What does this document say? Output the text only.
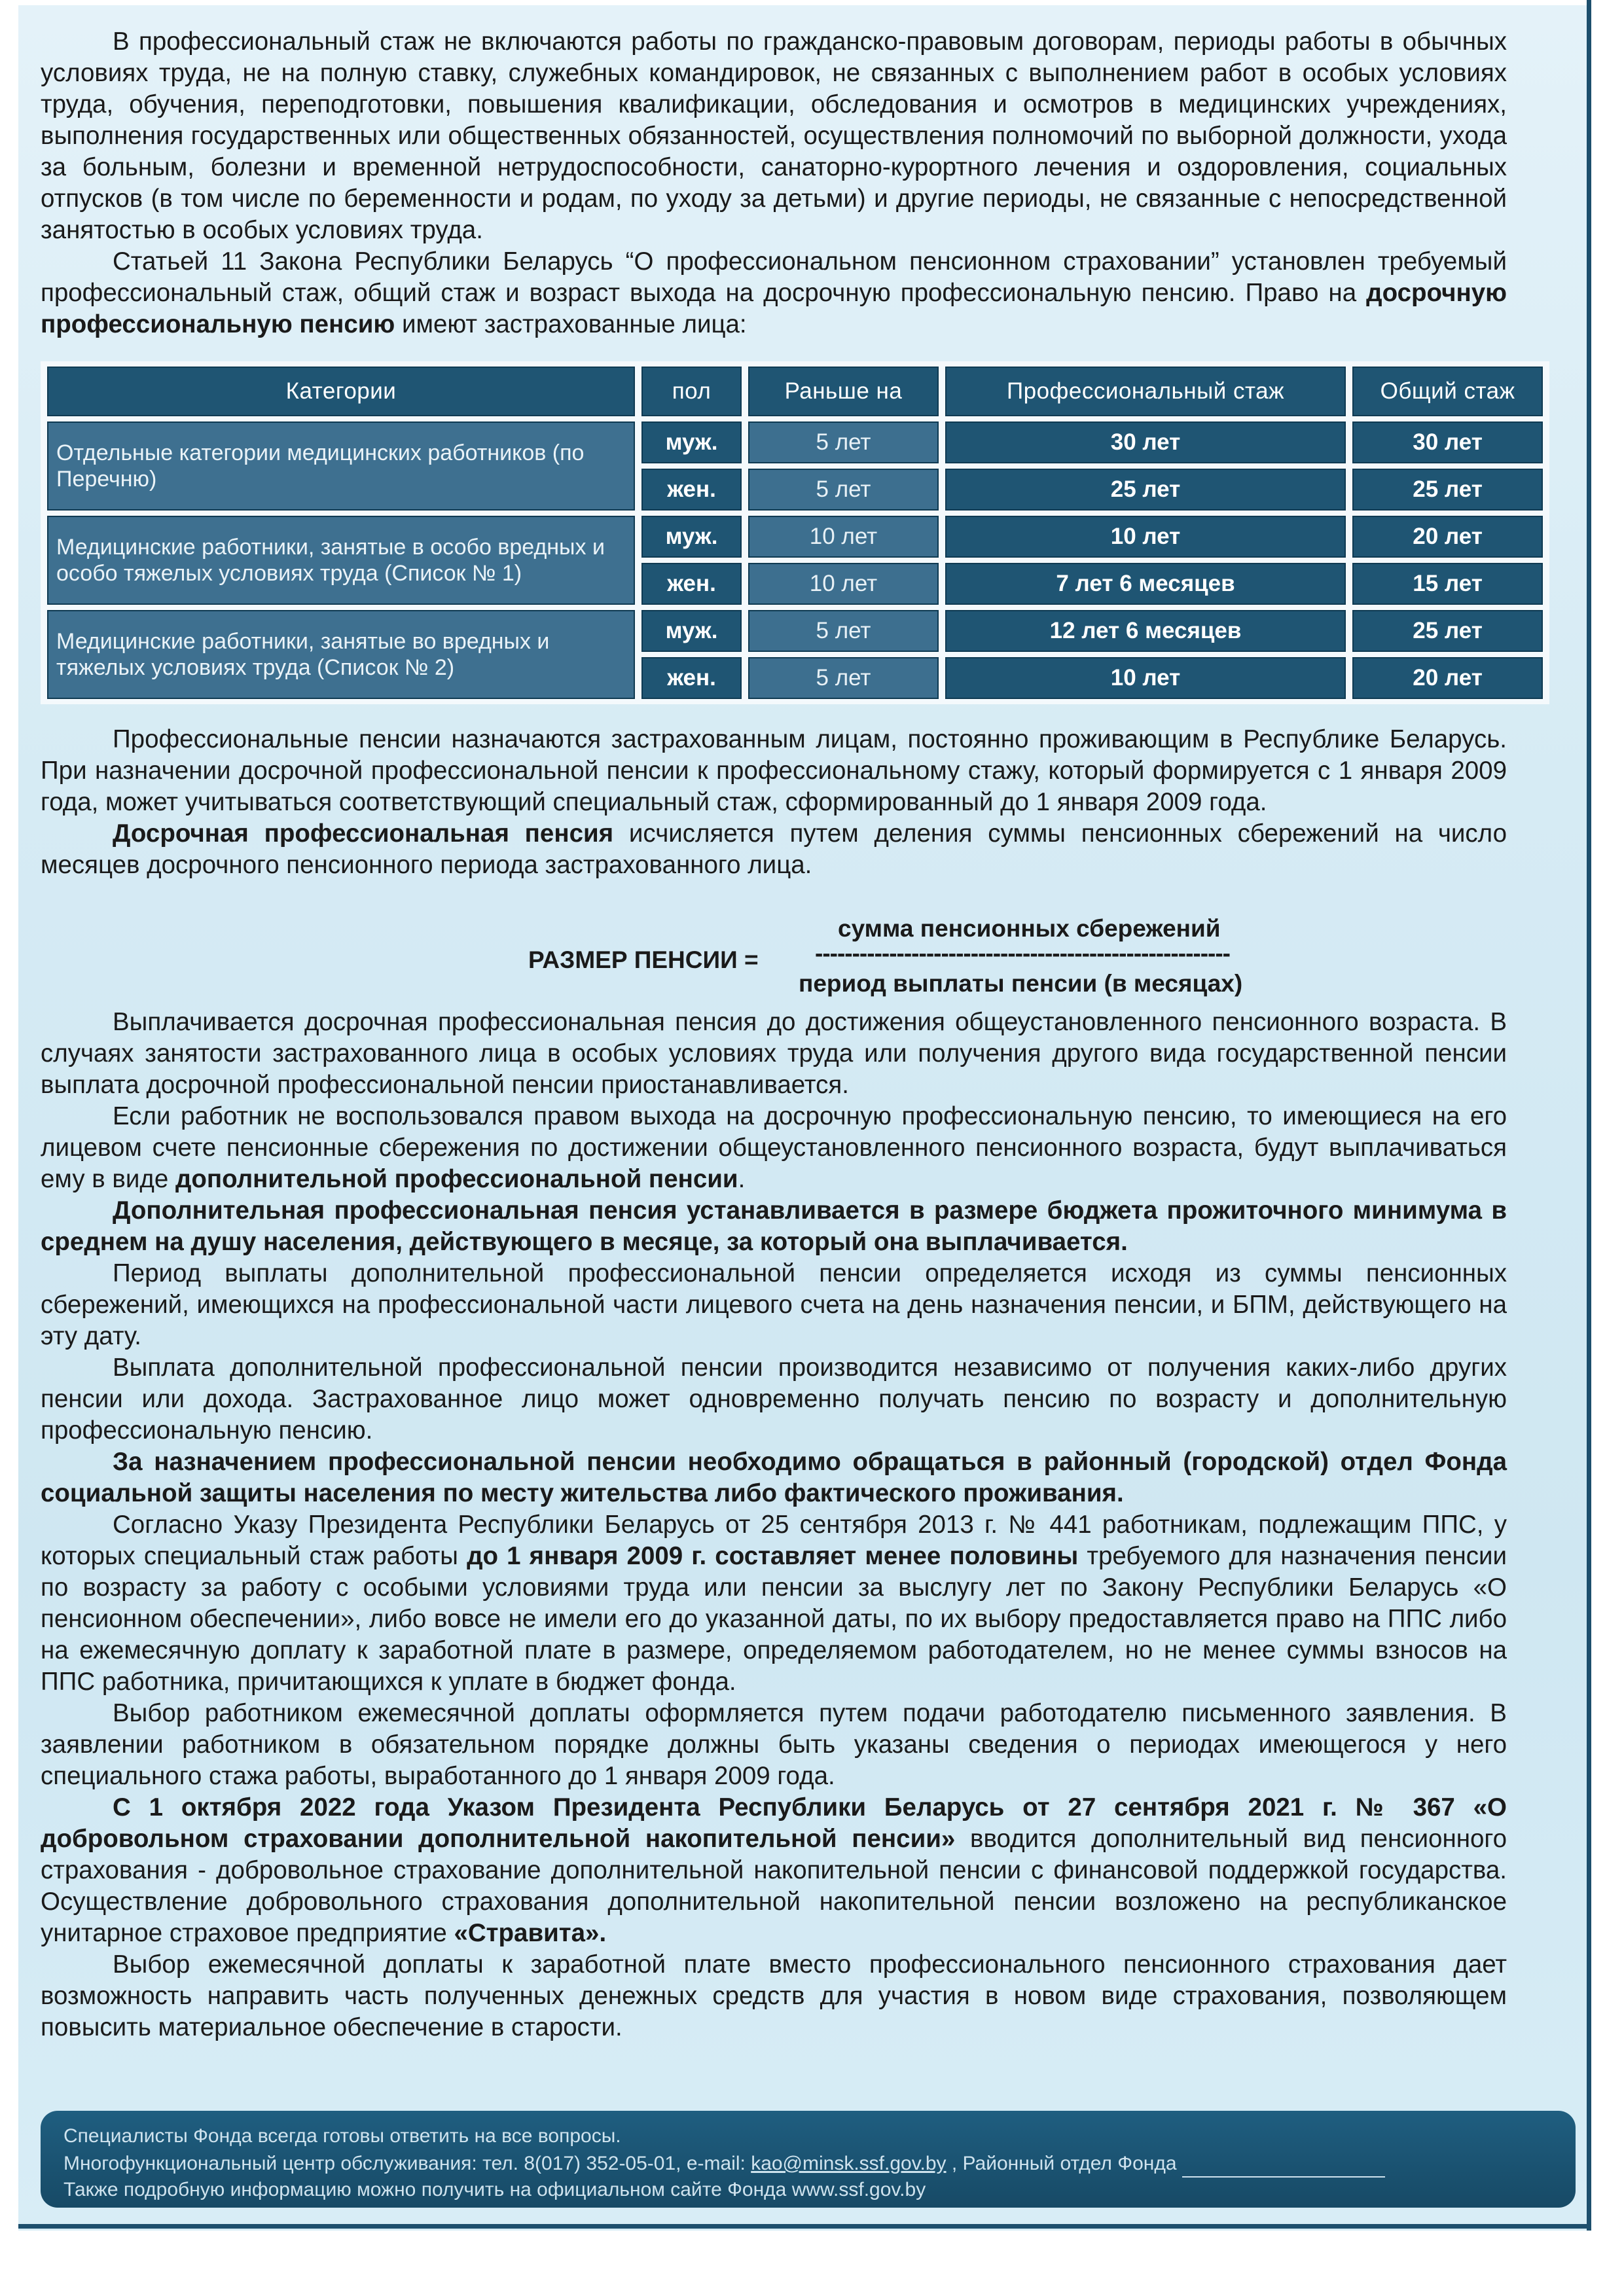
В профессиональный стаж не включаются работы по гражданско-правовым договорам, периоды работы в обычных условиях труда, не на полную ставку, служебных командировок, не связанных с выполнением работ в особых условиях труда, обучения, переподготовки, повышения квалификации, обследования и осмотров в медицинских учреждениях, выполнения государственных или общественных обязанностей, осуществления полномочий по выборной должности, ухода за больным, болезни и временной нетрудоспособности, санаторно-курортного лечения и оздоровления, социальных отпусков (в том числе по беременности и родам, по уходу за детьми) и другие периоды, не связанные с непосредственной занятостью в особых условиях труда.

Статьей 11 Закона Республики Беларусь “О профессиональном пенсионном страховании” установлен требуемый профессиональный стаж, общий стаж и возраст выхода на досрочную профессиональную пенсию. Право на досрочную профессиональную пенсию имеют застрахованные лица:

Категории	пол	Раньше на	Профессиональный стаж	Общий стаж
Отдельные категории медицинских работников (по Перечню)	муж.	5 лет	30 лет	30 лет
	жен.	5 лет	25 лет	25 лет
Медицинские работники, занятые в особо вредных и особо тяжелых условиях труда (Список № 1)	муж.	10 лет	10 лет	20 лет
	жен.	10 лет	7 лет 6 месяцев	15 лет
Медицинские работники, занятые во вредных и тяжелых условиях труда (Список № 2)	муж.	5 лет	12 лет 6 месяцев	25 лет
	жен.	5 лет	10 лет	20 лет

Профессиональные пенсии назначаются застрахованным лицам, постоянно проживающим в Республике Беларусь. При назначении досрочной профессиональной пенсии к профессиональному стажу, который формируется с 1 января 2009 года, может учитываться соответствующий специальный стаж, сформированный до 1 января 2009 года.

Досрочная профессиональная пенсия исчисляется путем деления суммы пенсионных сбережений на число месяцев досрочного пенсионного периода застрахованного лица.

РАЗМЕР ПЕНСИИ =
сумма пенсионных сбережений
--------------------------------------------------------
период выплаты пенсии (в месяцах)

Выплачивается досрочная профессиональная пенсия до достижения общеустановленного пенсионного возраста. В случаях занятости застрахованного лица в особых условиях труда или получения другого вида государственной пенсии выплата досрочной профессиональной пенсии приостанавливается.

Если работник не воспользовался правом выхода на досрочную профессиональную пенсию, то имеющиеся на его лицевом счете пенсионные сбережения по достижении общеустановленного пенсионного возраста, будут выплачиваться ему в виде дополнительной профессиональной пенсии.

Дополнительная профессиональная пенсия устанавливается в размере бюджета прожиточного минимума в среднем на душу населения, действующего в месяце, за который она выплачивается.

Период выплаты дополнительной профессиональной пенсии определяется исходя из суммы пенсионных сбережений, имеющихся на профессиональной части лицевого счета на день назначения пенсии, и БПМ, действующего на эту дату.

Выплата дополнительной профессиональной пенсии производится независимо от получения каких-либо других пенсии или дохода. Застрахованное лицо может одновременно получать пенсию по возрасту и дополнительную профессиональную пенсию.

За назначением профессиональной пенсии необходимо обращаться в районный (городской) отдел Фонда социальной защиты населения по месту жительства либо фактического проживания.

Согласно Указу Президента Республики Беларусь от 25 сентября 2013 г. № 441 работникам, подлежащим ППС, у которых специальный стаж работы до 1 января 2009 г. составляет менее половины требуемого для назначения пенсии по возрасту за работу с особыми условиями труда или пенсии за выслугу лет по Закону Республики Беларусь «О пенсионном обеспечении», либо вовсе не имели его до указанной даты, по их выбору предоставляется право на ППС либо на ежемесячную доплату к заработной плате в размере, определяемом работодателем, но не менее суммы взносов на ППС работника, причитающихся к уплате в бюджет фонда.

Выбор работником ежемесячной доплаты оформляется путем подачи работодателю письменного заявления. В заявлении работником в обязательном порядке должны быть указаны сведения о периодах имеющегося у него специального стажа работы, выработанного до 1 января 2009 года.

С 1 октября 2022 года Указом Президента Республики Беларусь от 27 сентября 2021 г. № 367 «О добровольном страховании дополнительной накопительной пенсии» вводится дополнительный вид пенсионного страхования - добровольное страхование дополнительной накопительной пенсии с финансовой поддержкой государства. Осуществление добровольного страхования дополнительной накопительной пенсии возложено на республиканское унитарное страховое предприятие «Стравита».

Выбор ежемесячной доплаты к заработной плате вместо профессионального пенсионного страхования дает возможность направить часть полученных денежных средств для участия в новом виде страхования, позволяющем повысить материальное обеспечение в старости.

Специалисты Фонда всегда готовы ответить на все вопросы.
Многофункциональный центр обслуживания: тел. 8(017) 352-05-01, e-mail: kao@minsk.ssf.gov.by , Районный отдел Фонда
Также подробную информацию можно получить на официальном сайте Фонда www.ssf.gov.by
